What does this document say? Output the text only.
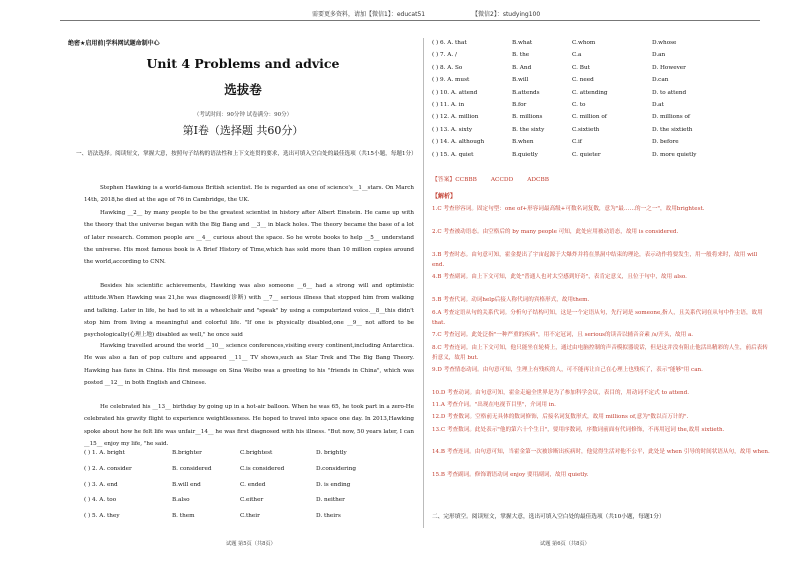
需要更多资料，请加【微信1】：educat51	【微信2】：studying100
绝密★启用前|学科网试题命制中心
Unit 4 Problems and advice
选拔卷
（考试时间：90分钟 试卷满分：90分）
第Ⅰ卷（选择题 共60分）
一、语法选择。阅读短文，掌握大意，按照句子结构的语法性和上下文连贯的要求，选出可填入空白处的最佳选项（共15小题，每题1分）
Stephen Hawking is a world-famous British scientist. He is regarded as one of science's__1__stars. On March 14th, 2018,he died at the age of 76 in Cambridge, the UK.
Hawking __2__ by many people to be the greatest scientist in history after Albert Einstein. He came up with the theory that the universe began with the Big Bang and __3__ in black holes. The theory became the base of a lot of later research. Common people are __4__ curious about the space. So he wrote books to help __5__ understand the universe. His most famous book is A Brief History of Time,which has sold more than 10 million copies around the world,according to CNN.
Besides his scientific achievements, Hawking was also someone __6__ had a strong will and optimistic attitude.When Hawking was 21,he was diagnosed(诊断) with __7__ serious illness that stopped him from walking and talking. Later in life, he had to sit in a wheelchair and "speak" by using a computerized voice.__8__this didn't stop him from living a meaningful and colorful life. "If one is physically disabled,one __9__ not afford to be psychologically(心理上地) disabled as well," he once said
Hawking travelled around the world __10__ science conferences,visiting every continent,including Antarctica. He was also a fan of pop culture and appeared __11__ TV shows,such as Star Trek and The Big Bang Theory. Hawking has fans in China. His first message on Sina Weibo was a greeting to his "friends in China", which was posted __12__ in both English and Chinese.
He celebrated his __13__ birthday by going up in a hot-air balloon. When he was 65, he took part in a zero-He celebrated his gravity flight to experience weightlessness. He hoped to travel into space one day. In 2013,Hawking spoke about how he felt life was unfair__14__ he was first diagnosed with his illness. "But now, 50 years later, I can __15__ enjoy my life, "he said.
( ) 1. A. bright	B.brighter	C.brightest	D. brightly
( ) 2. A. consider	B. considered	C.is considered	D.considering
( ) 3. A. end	B.will end	C. ended	D. is ending
( ) 4. A. too	B.also	C.either	D. neither
( ) 5. A. they	B. them	C.their	D. theirs
试题 第5页（共8页）
( ) 6. A. that	B.what	C.whom	D.whose
( ) 7. A. /	B. the	C.a	D.an
( ) 8. A. So	B. And	C. But	D. However
( ) 9. A. must	B.will	C. need	D.can
( ) 10. A. attend	B.attends	C. attending	D. to attend
( ) 11. A. in	B.for	C. to	D.at
( ) 12. A. million	B. millions	C. million of	D. millions of
( ) 13. A. sixty	B. the sixty	C.sixtieth	D. the sixtieth
( ) 14. A. although	B.when	C.if	D. before
( ) 15. A. quiet	B.quietly	C. quieter	D. more quietly
【答案】CCBBB ACCDD ADCBB
【解析】
1.C 考查形容词。固定句型：one of+形容词最高级+可数名词复数，意为"最……的一之一"，故用brightest.
2.C 考查被动语态。由空格后的 by many people 可知，此处应用被动语态，故用 is considered.
3.B 考查时态。由句意可知，霍金提出了宇宙起源于大爆炸并将在黑洞中结束的理论，表示动作将要发生，用一般将来时，故用 will end.
4.B 考查副词。由上下文可知，此处"普通人也对太空感到好奇"，表肯定意义，且位于句中，故用 also.
5.B 考查代词。动词help后接人称代词的宾格形式，故用them.
6.A 考查定语从句的关系代词。分析句子结构可知，这是一个定语从句，先行词是 someone,指人，且关系代词在从句中作主语，故用 that.
7.C 考查冠词。此处泛指"一种严重的疾病"，用不定冠词，且 serious的读音以辅音音素 /s/开头，故用 a.
8.C 考查连词。由上下文可知，他只能坐在轮椅上，通过由电脑控制的声音模拟器说话，但是这并没有阻止他活出精彩的人生，前后表转折意义，故用 but.
9.D 考查情态动词。由句意可知，生理上有残疾的人，可不能再让自己在心理上也残疾了，表示"能够"用 can.
10.D 考查动词。由句意可知，霍金走遍全世界是为了参加科学会议，表目的，用动词不定式 to attend.
11.A 考查介词。"出现在电视节目里"，介词用 in.
12.D 考查数词。空格前无具体的数词修饰，后接名词复数形式，故用 millions of,意为"数以百万计的".
13.C 考查数词。此处表示"他的第六十个生日"，要用序数词，序数词前面有代词修饰，不再用冠词 the,故用 sixtieth.
14.B 考查连词。由句意可知，当霍金第一次被诊断出疾病时，他觉得生活对他不公平，此处是 when 引导的时间状语从句，故用 when.
15.B 考查副词。修饰谓语动词 enjoy 要用副词，故用 quietly.
二、完形填空。阅读短文，掌握大意，选出可填入空白处的最佳选项（共10小题，每题1分）
试题 第6页（共8页）
